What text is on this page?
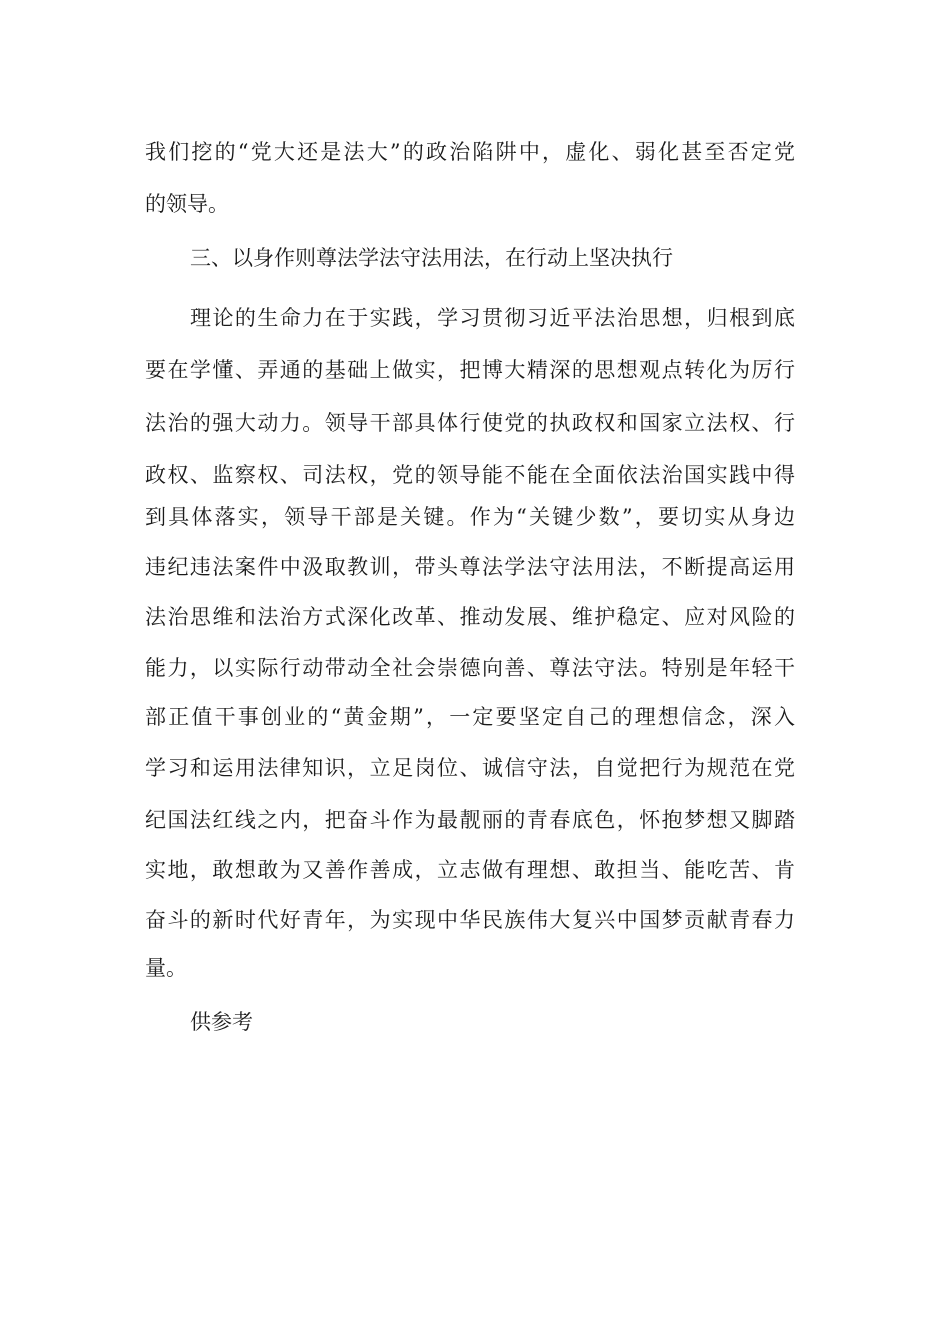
我们挖的“党大还是法大”的政治陷阱中，虚化、弱化甚至否定党
的领导。
三、以身作则尊法学法守法用法，在行动上坚决执行
理论的生命力在于实践，学习贯彻习近平法治思想，归根到底
要在学懂、弄通的基础上做实，把博大精深的思想观点转化为厉行
法治的强大动力。领导干部具体行使党的执政权和国家立法权、行
政权、监察权、司法权，党的领导能不能在全面依法治国实践中得
到具体落实，领导干部是关键。作为“关键少数”，要切实从身边
违纪违法案件中汲取教训，带头尊法学法守法用法，不断提高运用
法治思维和法治方式深化改革、推动发展、维护稳定、应对风险的
能力，以实际行动带动全社会崇德向善、尊法守法。特别是年轻干
部正值干事创业的“黄金期”，一定要坚定自己的理想信念，深入
学习和运用法律知识，立足岗位、诚信守法，自觉把行为规范在党
纪国法红线之内，把奋斗作为最靓丽的青春底色，怀抱梦想又脚踏
实地，敢想敢为又善作善成，立志做有理想、敢担当、能吃苦、肯
奋斗的新时代好青年，为实现中华民族伟大复兴中国梦贡献青春力
量。
供参考
